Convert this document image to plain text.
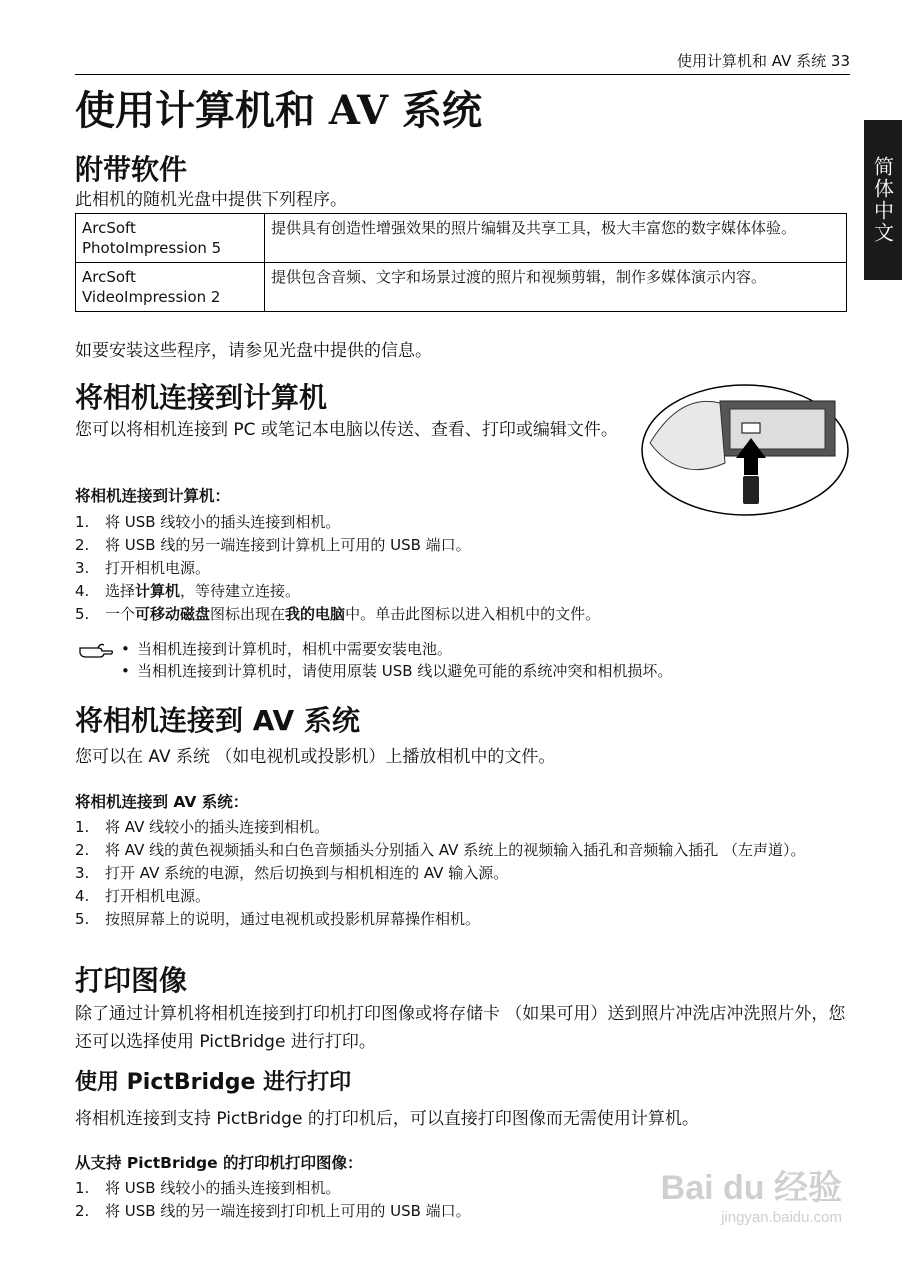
使用计算机和 AV 系统 33
简体中文
使用计算机和 AV 系统
附带软件
此相机的随机光盘中提供下列程序。
ArcSoft
PhotoImpression 5	提供具有创造性增强效果的照片编辑及共享工具，极大丰富您的数字媒体体验。
ArcSoft
VideoImpression 2	提供包含音频、文字和场景过渡的照片和视频剪辑，制作多媒体演示内容。
如要安装这些程序，请参见光盘中提供的信息。
将相机连接到计算机
您可以将相机连接到 PC 或笔记本电脑以传送、查看、打印或编辑文件。
将相机连接到计算机：
1. 将 USB 线较小的插头连接到相机。
2. 将 USB 线的另一端连接到计算机上可用的 USB 端口。
3. 打开相机电源。
4. 选择计算机，等待建立连接。
5. 一个可移动磁盘图标出现在我的电脑中。单击此图标以进入相机中的文件。
• 当相机连接到计算机时，相机中需要安装电池。
• 当相机连接到计算机时，请使用原装 USB 线以避免可能的系统冲突和相机损坏。
将相机连接到 AV 系统
您可以在 AV 系统 （如电视机或投影机）上播放相机中的文件。
将相机连接到 AV 系统：
1. 将 AV 线较小的插头连接到相机。
2. 将 AV 线的黄色视频插头和白色音频插头分别插入 AV 系统上的视频输入插孔和音频输入插孔 （左声道）。
3. 打开 AV 系统的电源，然后切换到与相机相连的 AV 输入源。
4. 打开相机电源。
5. 按照屏幕上的说明，通过电视机或投影机屏幕操作相机。
打印图像
除了通过计算机将相机连接到打印机打印图像或将存储卡 （如果可用）送到照片冲洗店冲洗照片外，您还可以选择使用 PictBridge 进行打印。
使用 PictBridge 进行打印
将相机连接到支持 PictBridge 的打印机后，可以直接打印图像而无需使用计算机。
从支持 PictBridge 的打印机打印图像：
1. 将 USB 线较小的插头连接到相机。
2. 将 USB 线的另一端连接到打印机上可用的 USB 端口。
Bai du 经验
jingyan.baidu.com
